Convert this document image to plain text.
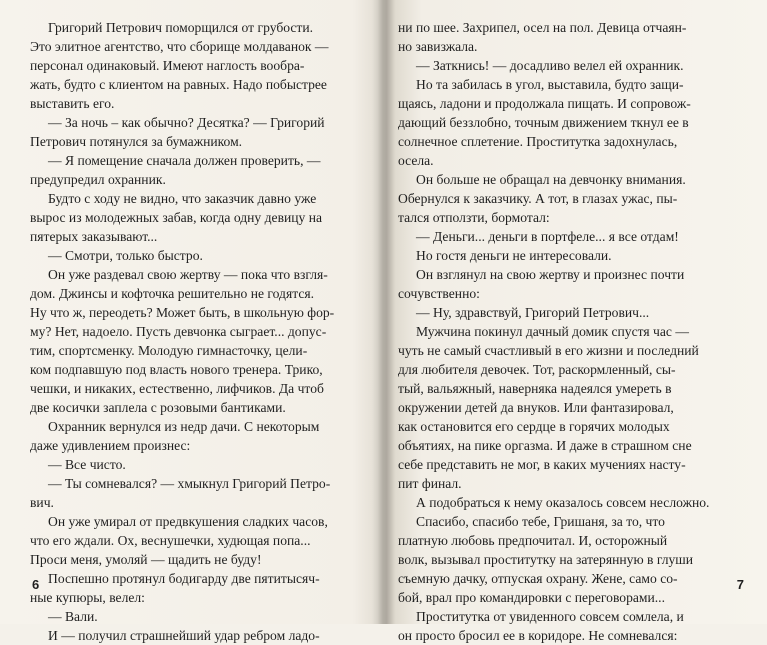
Григорий Петрович поморщился от грубости.
Это элитное агентство, что сборище молдаванок —
персонал одинаковый. Имеют наглость вообра-
жать, будто с клиентом на равных. Надо побыстрее
выставить его.
— За ночь – как обычно? Десятка? — Григорий
Петрович потянулся за бумажником.
— Я помещение сначала должен проверить, —
предупредил охранник.
Будто с ходу не видно, что заказчик давно уже
вырос из молодежных забав, когда одну девицу на
пятерых заказывают...
— Смотри, только быстро.
Он уже раздевал свою жертву — пока что взгля-
дом. Джинсы и кофточка решительно не годятся.
Ну что ж, переодеть? Может быть, в школьную фор-
му? Нет, надоело. Пусть девчонка сыграет... допус-
тим, спортсменку. Молодую гимнасточку, цели-
ком подпавшую под власть нового тренера. Трико,
чешки, и никаких, естественно, лифчиков. Да чтоб
две косички заплела с розовыми бантиками.
Охранник вернулся из недр дачи. С некоторым
даже удивлением произнес:
— Все чисто.
— Ты сомневался? — хмыкнул Григорий Петро-
вич.
Он уже умирал от предвкушения сладких часов,
что его ждали. Ох, веснушечки, худющая попа...
Проси меня, умоляй — щадить не буду!
Поспешно протянул бодигарду две пятитысяч-
ные купюры, велел:
— Вали.
И — получил страшнейший удар ребром ладо-
6
ни по шее. Захрипел, осел на пол. Девица отчаян-
но завизжала.
— Заткнись! — досадливо велел ей охранник.
Но та забилась в угол, выставила, будто защи-
щаясь, ладони и продолжала пищать. И сопровож-
дающий беззлобно, точным движением ткнул ее в
солнечное сплетение. Проститутка задохнулась,
осела.
Он больше не обращал на девчонку внимания.
Обернулся к заказчику. А тот, в глазах ужас, пы-
тался отползти, бормотал:
— Деньги... деньги в портфеле... я все отдам!
Но гостя деньги не интересовали.
Он взглянул на свою жертву и произнес почти
сочувственно:
— Ну, здравствуй, Григорий Петрович...
Мужчина покинул дачный домик спустя час —
чуть не самый счастливый в его жизни и последний
для любителя девочек. Тот, раскормленный, сы-
тый, вальяжный, наверняка надеялся умереть в
окружении детей да внуков. Или фантазировал,
как остановится его сердце в горячих молодых
объятиях, на пике оргазма. И даже в страшном сне
себе представить не мог, в каких мучениях насту-
пит финал.
А подобраться к нему оказалось совсем несложно.
Спасибо, спасибо тебе, Гришаня, за то, что
платную любовь предпочитал. И, осторожный
волк, вызывал проститутку на затерянную в глуши
съемную дачку, отпуская охрану. Жене, само со-
бой, врал про командировки с переговорами...
Проститутка от увиденного совсем сомлела, и
он просто бросил ее в коридоре. Не сомневался:
7
